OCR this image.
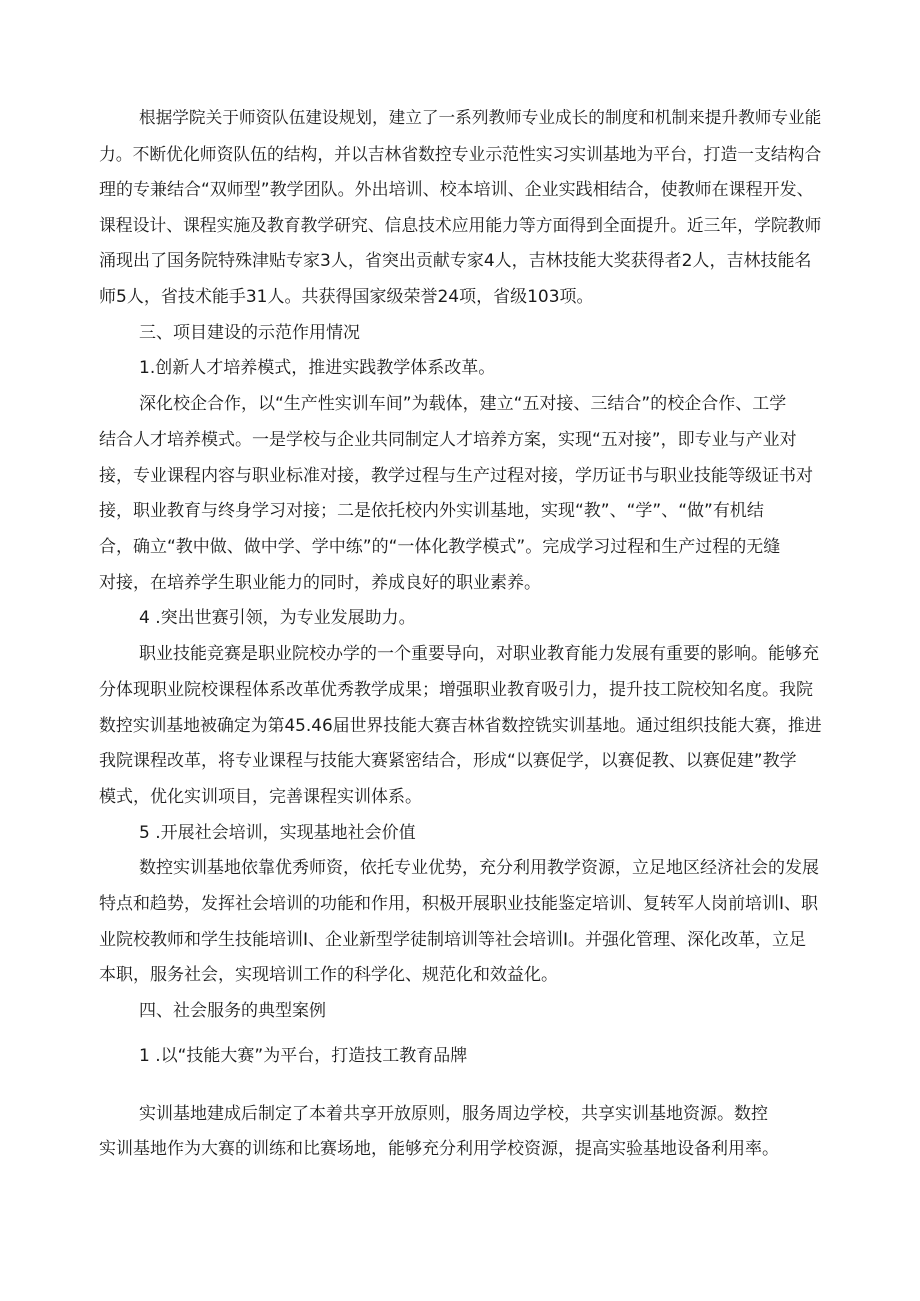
根据学院关于师资队伍建设规划，建立了一系列教师专业成长的制度和机制来提升教师专业能
力。不断优化师资队伍的结构，并以吉林省数控专业示范性实习实训基地为平台，打造一支结构合
理的专兼结合“双师型”教学团队。外出培训、校本培训、企业实践相结合，使教师在课程开发、
课程设计、课程实施及教育教学研究、信息技术应用能力等方面得到全面提升。近三年，学院教师
涌现出了国务院特殊津贴专家3人，省突出贡献专家4人，吉林技能大奖获得者2人，吉林技能名
师5人，省技术能手31人。共获得国家级荣誉24项，省级103项。
三、项目建设的示范作用情况
1.创新人才培养模式，推进实践教学体系改革。
深化校企合作，以“生产性实训车间”为载体，建立“五对接、三结合”的校企合作、工学
结合人才培养模式。一是学校与企业共同制定人才培养方案，实现“五对接”，即专业与产业对
接，专业课程内容与职业标准对接，教学过程与生产过程对接，学历证书与职业技能等级证书对
接，职业教育与终身学习对接；二是依托校内外实训基地，实现“教”、“学”、“做”有机结
合，确立“教中做、做中学、学中练”的“一体化教学模式”。完成学习过程和生产过程的无缝
对接，在培养学生职业能力的同时，养成良好的职业素养。
4 .突出世赛引领，为专业发展助力。
职业技能竞赛是职业院校办学的一个重要导向，对职业教育能力发展有重要的影响。能够充
分体现职业院校课程体系改革优秀教学成果；增强职业教育吸引力，提升技工院校知名度。我院
数控实训基地被确定为第45.46届世界技能大赛吉林省数控铣实训基地。通过组织技能大赛，推进
我院课程改革，将专业课程与技能大赛紧密结合，形成“以赛促学，以赛促教、以赛促建”教学
模式，优化实训项目，完善课程实训体系。
5 .开展社会培训，实现基地社会价值
数控实训基地依靠优秀师资，依托专业优势，充分利用教学资源，立足地区经济社会的发展
特点和趋势，发挥社会培训的功能和作用，积极开展职业技能鉴定培训、复转军人岗前培训I、职
业院校教师和学生技能培训I、企业新型学徒制培训等社会培训I。并强化管理、深化改革，立足
本职，服务社会，实现培训工作的科学化、规范化和效益化。
四、社会服务的典型案例
1 .以“技能大赛”为平台，打造技工教育品牌
实训基地建成后制定了本着共享开放原则，服务周边学校，共享实训基地资源。数控
实训基地作为大赛的训练和比赛场地，能够充分利用学校资源，提高实验基地设备利用率。
